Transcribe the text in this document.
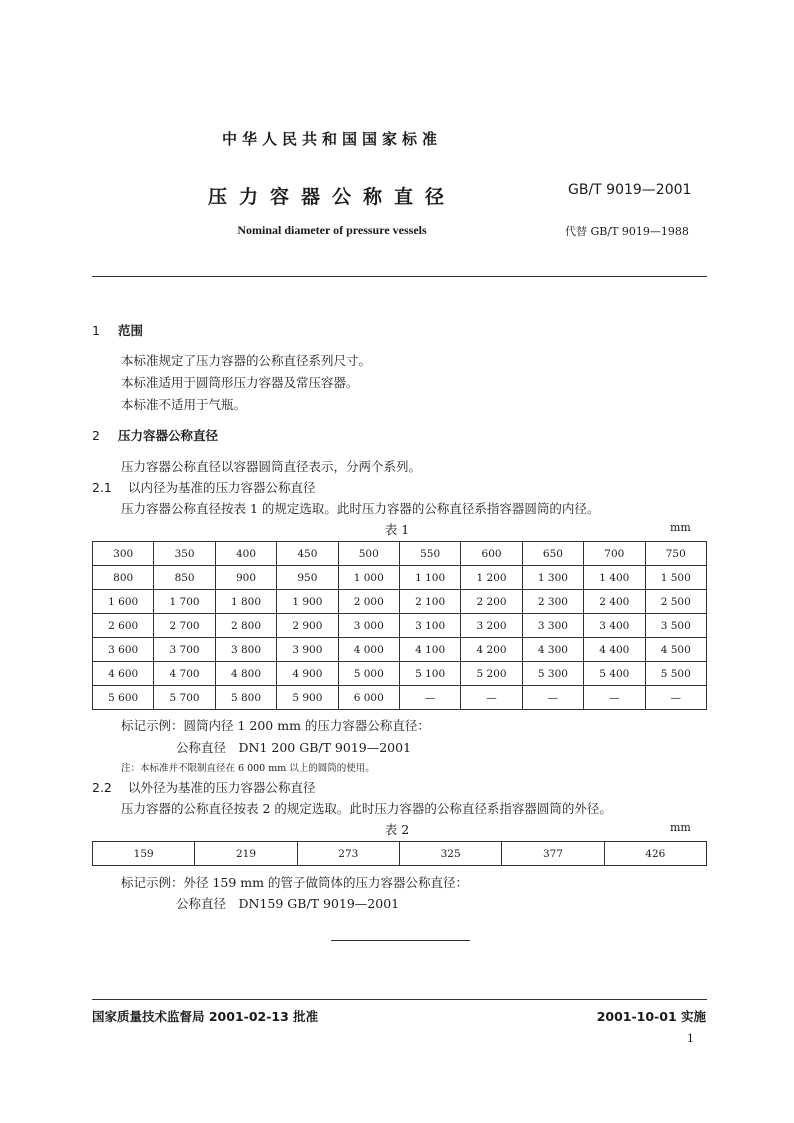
中华人民共和国国家标准
压力容器公称直径	GB/T 9019—2001
Nominal diameter of pressure vessels	代替 GB/T 9019—1988
1 范围
本标准规定了压力容器的公称直径系列尺寸。
本标准适用于圆筒形压力容器及常压容器。
本标准不适用于气瓶。
2 压力容器公称直径
压力容器公称直径以容器圆筒直径表示，分两个系列。
2.1 以内径为基准的压力容器公称直径
压力容器公称直径按表 1 的规定选取。此时压力容器的公称直径系指容器圆筒的内径。
表 1	mm
300	350	400	450	500	550	600	650	700	750
800	850	900	950	1 000	1 100	1 200	1 300	1 400	1 500
1 600	1 700	1 800	1 900	2 000	2 100	2 200	2 300	2 400	2 500
2 600	2 700	2 800	2 900	3 000	3 100	3 200	3 300	3 400	3 500
3 600	3 700	3 800	3 900	4 000	4 100	4 200	4 300	4 400	4 500
4 600	4 700	4 800	4 900	5 000	5 100	5 200	5 300	5 400	5 500
5 600	5 700	5 800	5 900	6 000	—	—	—	—	—
标记示例：圆筒内径 1 200 mm 的压力容器公称直径：
公称直径　DN1 200 GB/T 9019—2001
注：本标准并不限制直径在 6 000 mm 以上的圆筒的使用。
2.2 以外径为基准的压力容器公称直径
压力容器的公称直径按表 2 的规定选取。此时压力容器的公称直径系指容器圆筒的外径。
表 2	mm
159	219	273	325	377	426
标记示例：外径 159 mm 的管子做筒体的压力容器公称直径：
公称直径　DN159 GB/T 9019—2001
国家质量技术监督局 2001-02-13 批准	2001-10-01 实施
1
